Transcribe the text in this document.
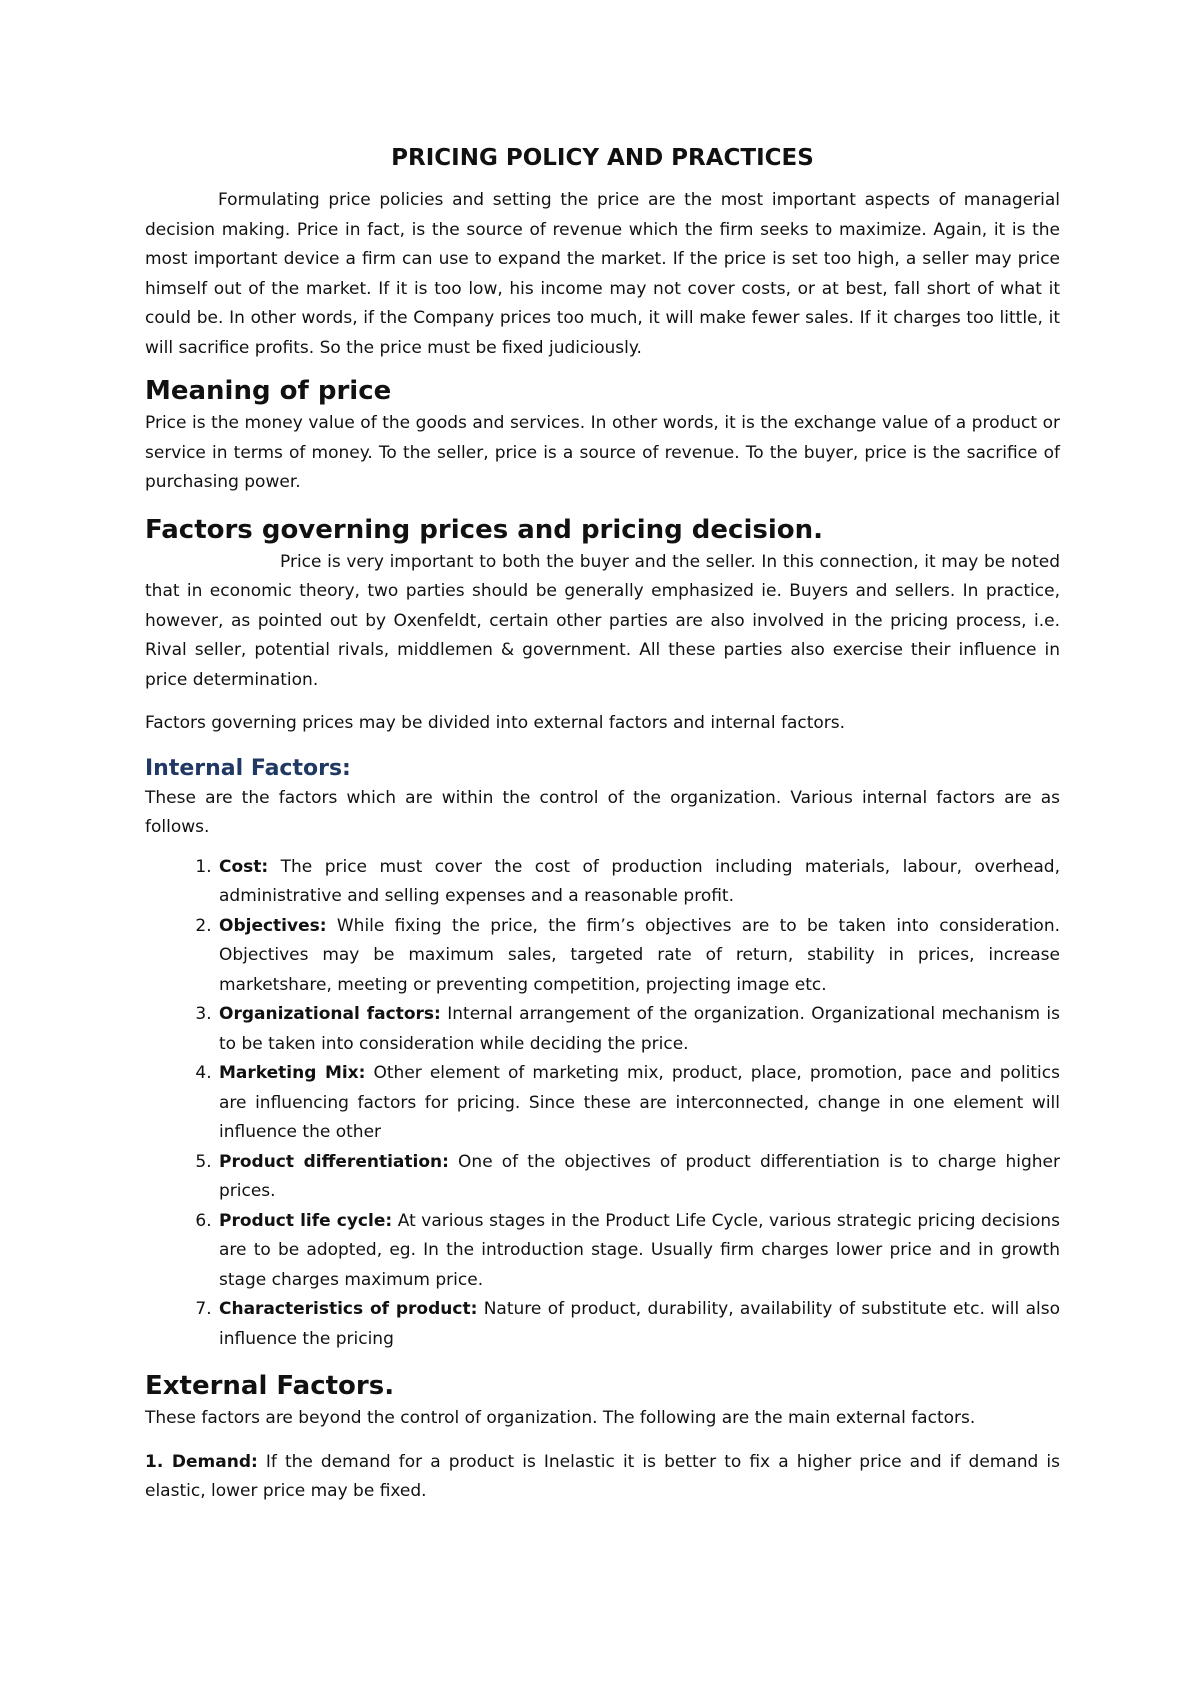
PRICING POLICY AND PRACTICES

Formulating price policies and setting the price are the most important aspects of managerial decision making. Price in fact, is the source of revenue which the firm seeks to maximize. Again, it is the most important device a firm can use to expand the market. If the price is set too high, a seller may price himself out of the market. If it is too low, his income may not cover costs, or at best, fall short of what it could be. In other words, if the Company prices too much, it will make fewer sales. If it charges too little, it will sacrifice profits. So the price must be fixed judiciously.

Meaning of price

Price is the money value of the goods and services. In other words, it is the exchange value of a product or service in terms of money. To the seller, price is a source of revenue. To the buyer, price is the sacrifice of purchasing power.

Factors governing prices and pricing decision.

Price is very important to both the buyer and the seller. In this connection, it may be noted that in economic theory, two parties should be generally emphasized ie. Buyers and sellers. In practice, however, as pointed out by Oxenfeldt, certain other parties are also involved in the pricing process, i.e. Rival seller, potential rivals, middlemen & government. All these parties also exercise their influence in price determination.

Factors governing prices may be divided into external factors and internal factors.

Internal Factors:

These are the factors which are within the control of the organization. Various internal factors are as follows.

1. Cost: The price must cover the cost of production including materials, labour, overhead, administrative and selling expenses and a reasonable profit.
2. Objectives: While fixing the price, the firm’s objectives are to be taken into consideration. Objectives may be maximum sales, targeted rate of return, stability in prices, increase marketshare, meeting or preventing competition, projecting image etc.
3. Organizational factors: Internal arrangement of the organization. Organizational mechanism is to be taken into consideration while deciding the price.
4. Marketing Mix: Other element of marketing mix, product, place, promotion, pace and politics are influencing factors for pricing. Since these are interconnected, change in one element will influence the other
5. Product differentiation: One of the objectives of product differentiation is to charge higher prices.
6. Product life cycle: At various stages in the Product Life Cycle, various strategic pricing decisions are to be adopted, eg. In the introduction stage. Usually firm charges lower price and in growth stage charges maximum price.
7. Characteristics of product: Nature of product, durability, availability of substitute etc. will also influence the pricing
External Factors.

These factors are beyond the control of organization. The following are the main external factors.

1. Demand: If the demand for a product is Inelastic it is better to fix a higher price and if demand is elastic, lower price may be fixed.
